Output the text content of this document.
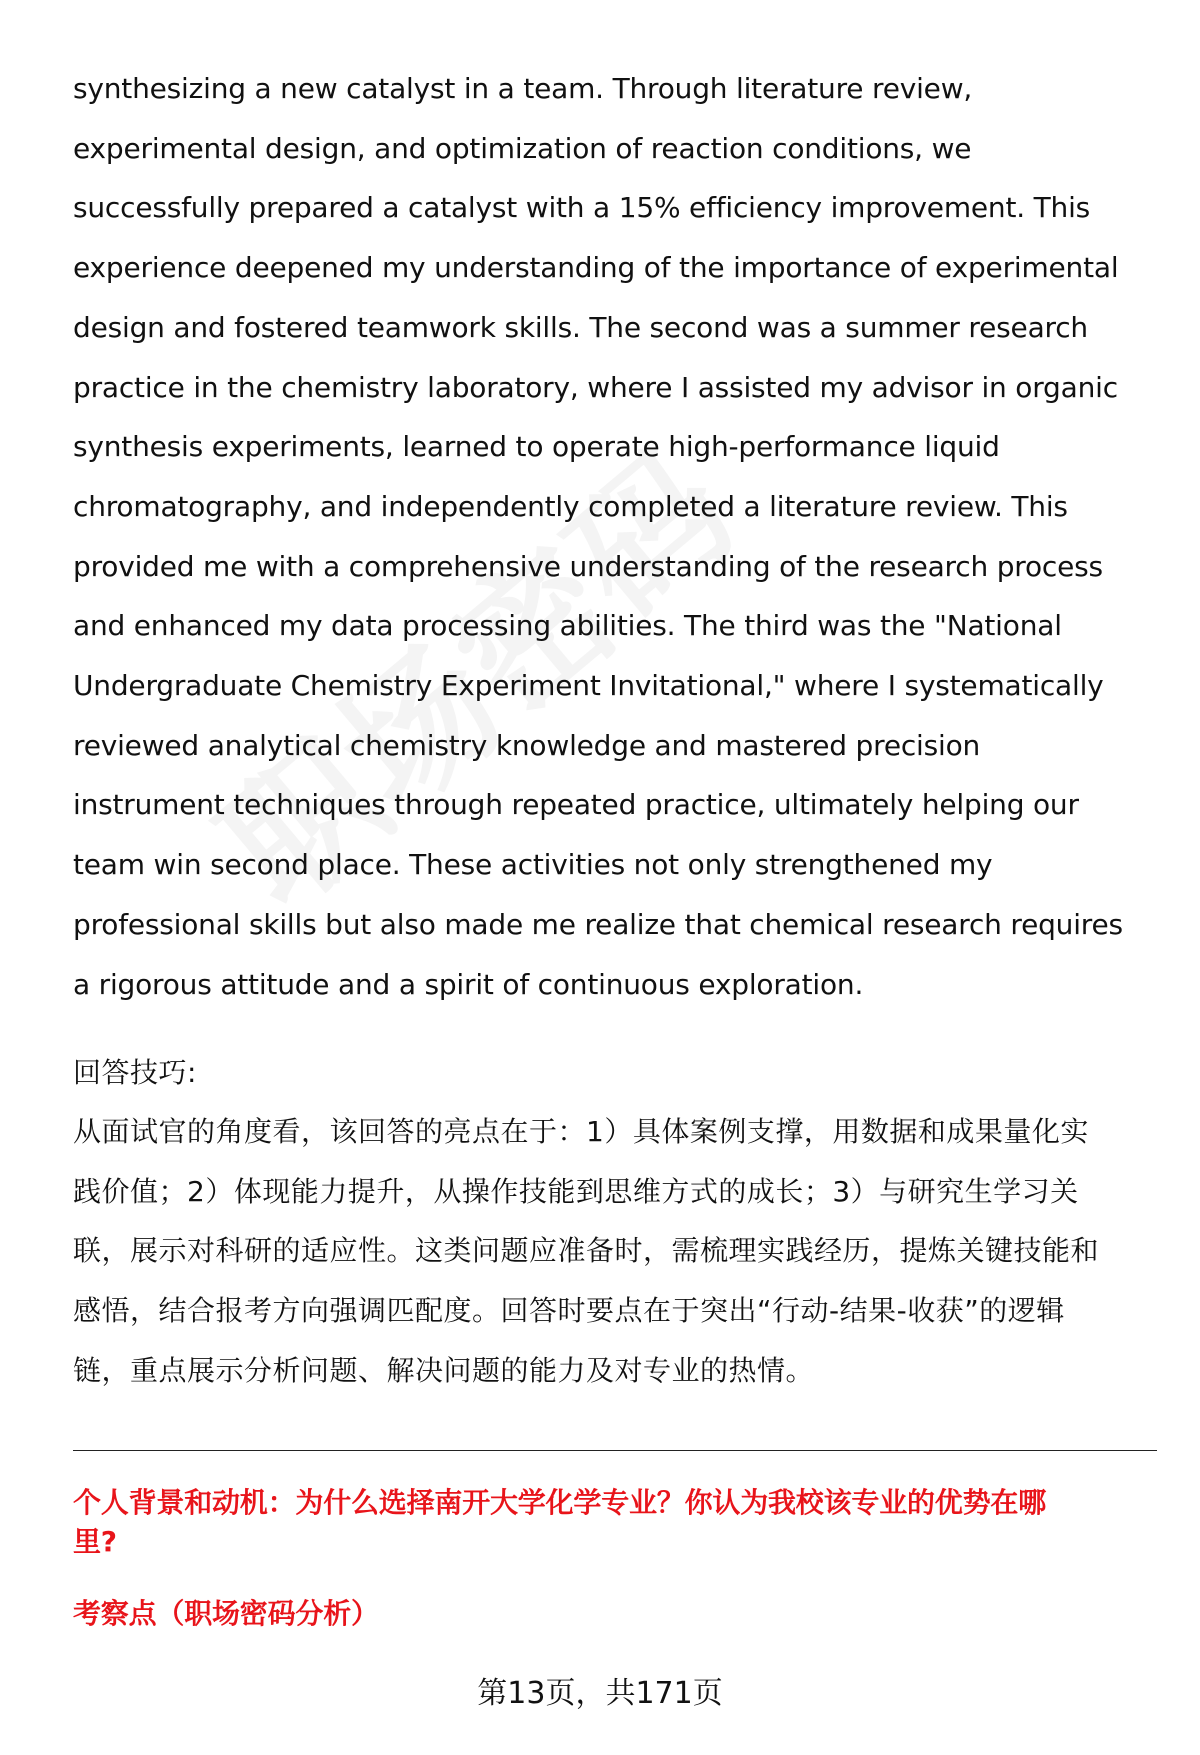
synthesizing a new catalyst in a team. Through literature review,
experimental design, and optimization of reaction conditions, we
successfully prepared a catalyst with a 15% efficiency improvement. This
experience deepened my understanding of the importance of experimental
design and fostered teamwork skills. The second was a summer research
practice in the chemistry laboratory, where I assisted my advisor in organic
synthesis experiments, learned to operate high-performance liquid
chromatography, and independently completed a literature review. This
provided me with a comprehensive understanding of the research process
and enhanced my data processing abilities. The third was the "National
Undergraduate Chemistry Experiment Invitational," where I systematically
reviewed analytical chemistry knowledge and mastered precision
instrument techniques through repeated practice, ultimately helping our
team win second place. These activities not only strengthened my
professional skills but also made me realize that chemical research requires
a rigorous attitude and a spirit of continuous exploration.
回答技巧:
从面试官的角度看，该回答的亮点在于：1）具体案例支撑，用数据和成果量化实
践价值；2）体现能力提升，从操作技能到思维方式的成长；3）与研究生学习关
联，展示对科研的适应性。这类问题应准备时，需梳理实践经历，提炼关键技能和
感悟，结合报考方向强调匹配度。回答时要点在于突出“行动-结果-收获”的逻辑
链，重点展示分析问题、解决问题的能力及对专业的热情。
个人背景和动机：为什么选择南开大学化学专业？你认为我校该专业的优势在哪
里?
考察点（职场密码分析）
第13页，共171页
